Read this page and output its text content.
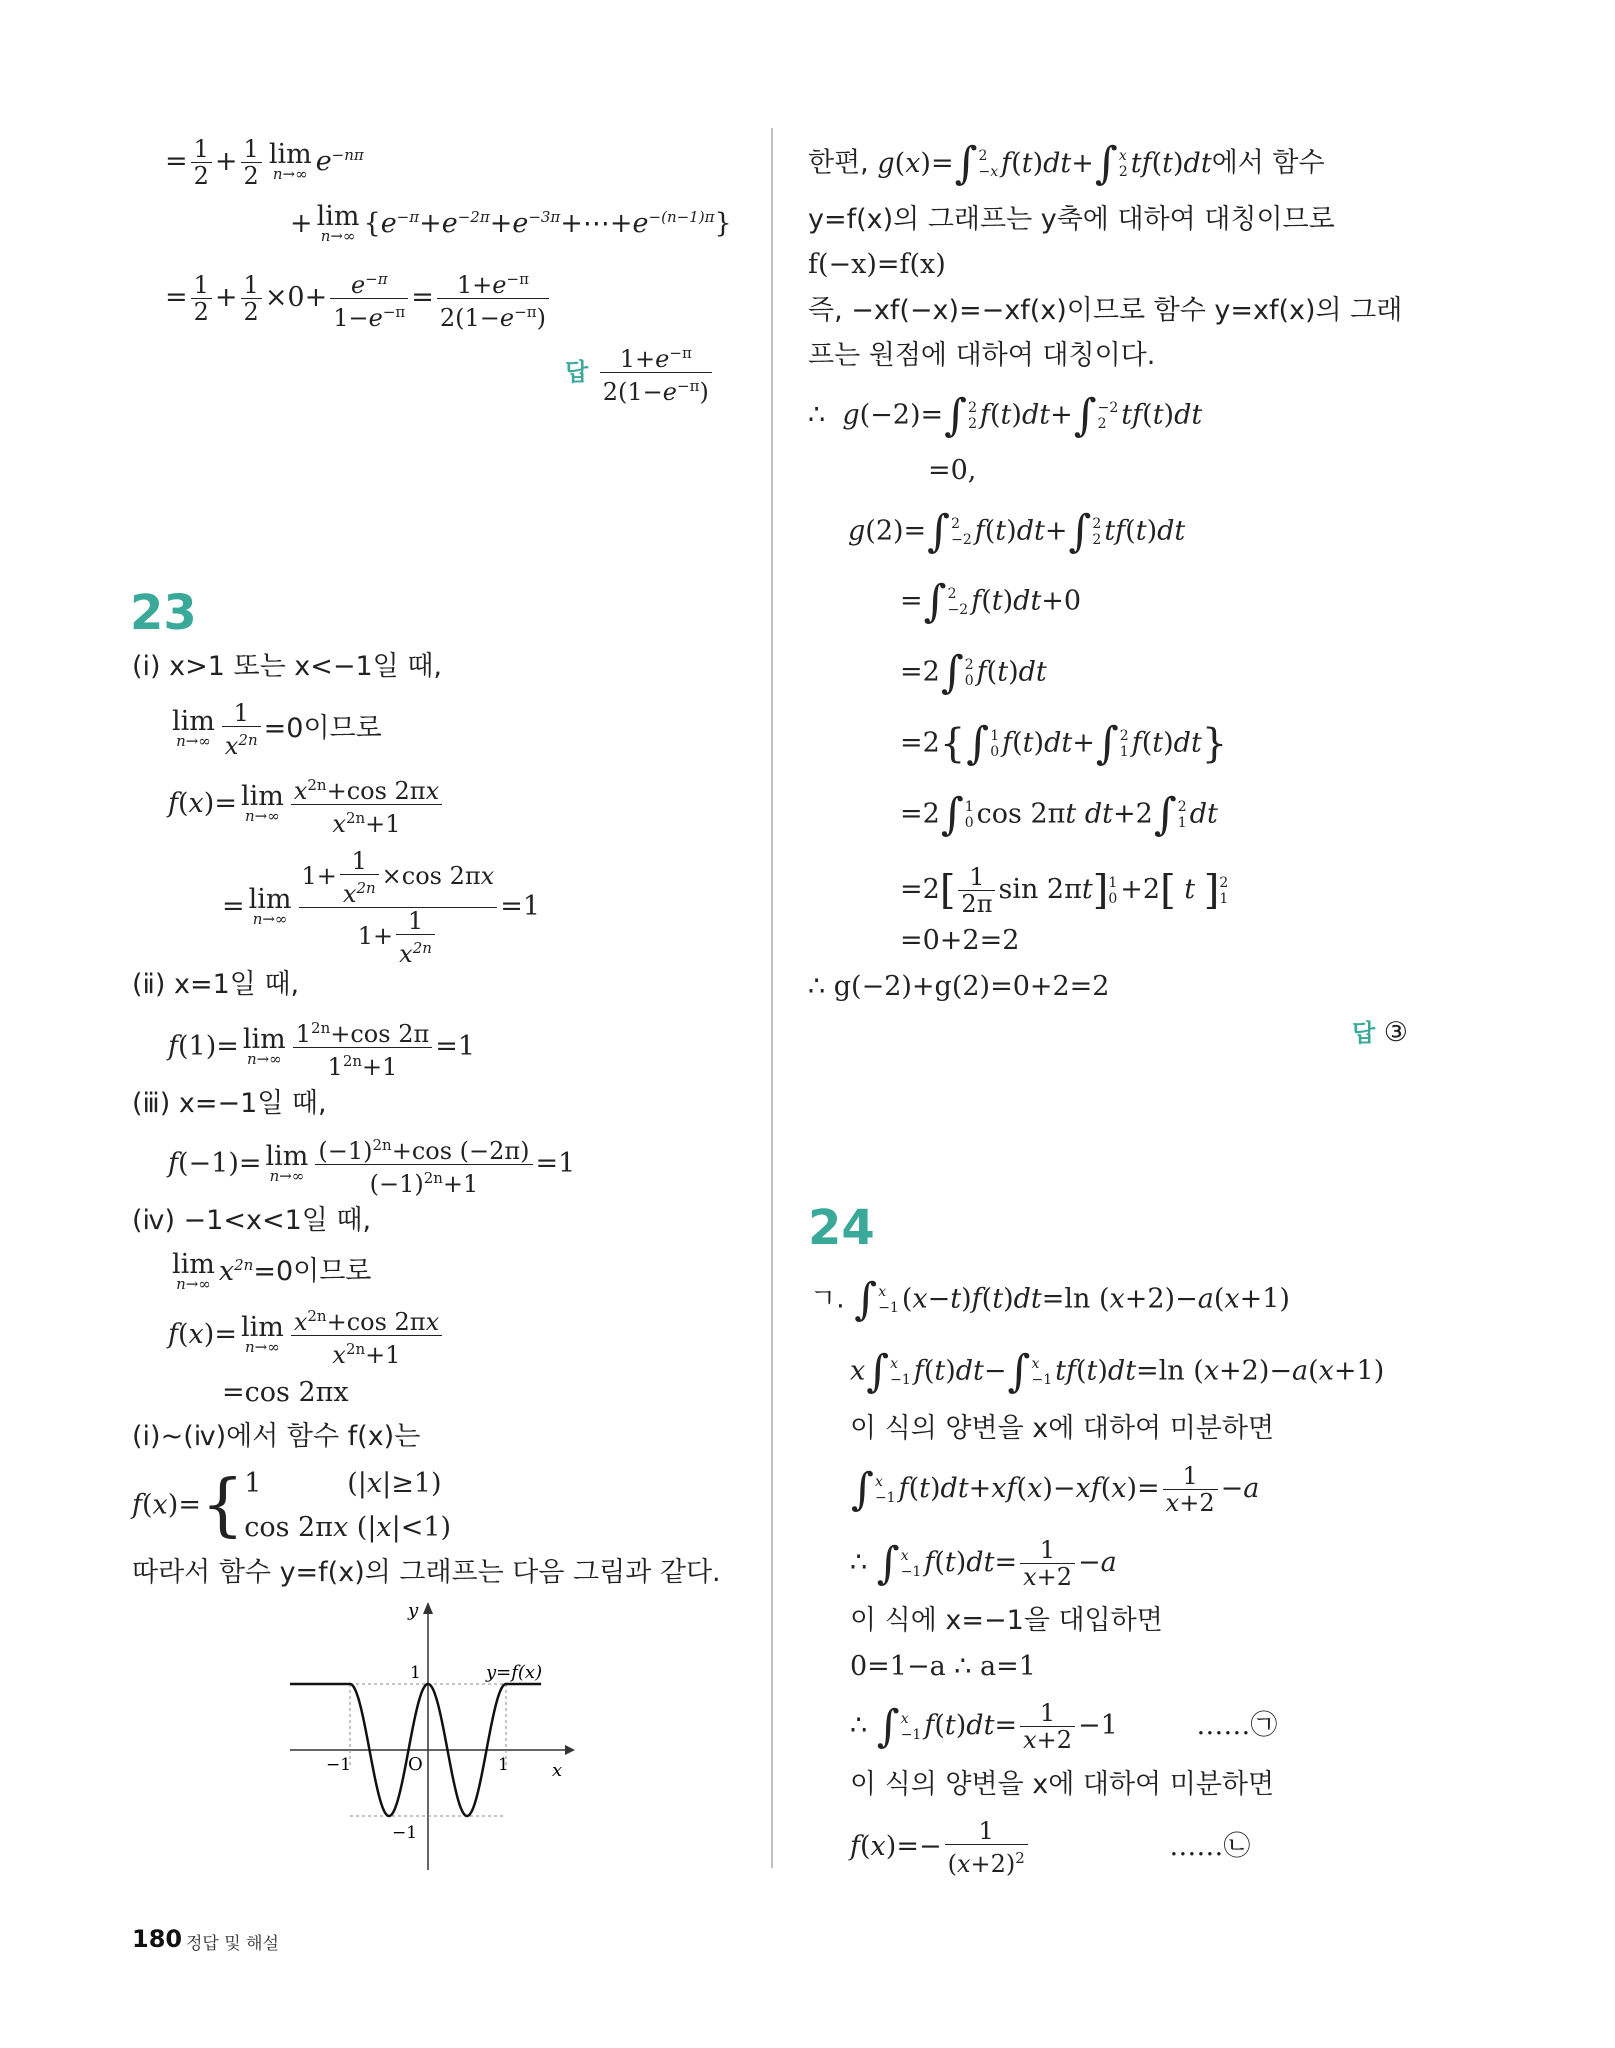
= $\frac{1}{2} + \frac{1}{2}$ lim
n→∞ $e^{-n\pi}$
+ lim
n→∞ $\{e^{-\pi}+e^{-2\pi}+e^{-3\pi}+\cdots+e^{-(n-1)\pi}\}$
= $\frac{1}{2} + \frac{1}{2} \times 0+ \frac{e^{-\pi}}{1-e^{-\pi}} = \frac{1+e^{-\pi}}{2(1-e^{-\pi})}$
답 $\frac{1+e^{-\pi}}{2(1-e^{-\pi})}$
23
(ⅰ) x>1 또는 x<−1일 때,
lim
$n\to\infty \frac{1}{x^{2n}} =0$이므로
f(x)= lim
$n\to\infty \frac{x^{2n}+\cos 2\pi x}{x^{2n}+1}$
= lim
$n\to\infty \frac{1+ \frac{1}{x^{2n}} \times\cos 2\pi x}{1+ \frac{1}{x^{2n}}} =1$
(ⅱ) x=1일 때,
f(1)= lim
$n\to\infty \frac{1^{2n}+\cos 2\pi}{1^{2n}+1} =1$
(ⅲ) x=−1일 때,
f(−1)= lim
$n\to\infty \frac{(-1)^{2n}+\cos (-2\pi)}{(-1)^{2n}+1} =1$
(ⅳ) −1<x<1일 때,
lim
n→∞ $x^{2n}=0$이므로
f(x)= lim
$n\to\infty \frac{x^{2n}+\cos 2\pi x}{x^{2n}+1}$
=cos 2πx
(ⅰ)~(ⅳ)에서 함수 f(x)는
f(x)={ 1          (|x|≥1)
cos 2πx (|x|<1)
따라서 함수 y=f(x)의 그래프는 다음 그림과 같다.
y
x
y=f(x)
O
−1	1
1
−1
한편, g(x)=∫ 2
−x f(t)dt+∫ x
2 tf(t)dt에서 함수
y=f(x)의 그래프는 y축에 대하여 대칭이므로
f(−x)=f(x)
즉, −xf(−x)=−xf(x)이므로 함수 y=xf(x)의 그래
프는 원점에 대하여 대칭이다.
∴  g(−2)=∫ 2
2 f(t)dt+∫ −2
2 tf(t)dt
=0,
g(2)=∫ 2
−2 f(t)dt+∫ 2
2 tf(t)dt
=∫ 2
−2 f(t)dt+0
=2∫ 2
0 f(t)dt
=2{∫ 1
0 f(t)dt+∫ 2
1 f(t)dt}
=2∫ 1
0 cos 2πt dt+2∫ 2
1 dt
$=2[ \frac{1}{2\pi}$ sin 2πt] 1
0 +2[ t ] 2
1
=0+2=2
∴ g(−2)+g(2)=0+2=2
답 ③
24
ㄱ. ∫ x
−1 (x−t)f(t)dt=ln (x+2)−a(x+1)
x∫ x
−1 f(t)dt−∫ x
−1 tf(t)dt=ln (x+2)−a(x+1)
이 식의 양변을 x에 대하여 미분하면
∫ x
−1 $f(t)dt+xf(x)-xf(x)= \frac{1}{x+2} -a$
∴ ∫ x
−1 $f(t)dt= \frac{1}{x+2} -a$
이 식에 x=−1을 대입하면
0=1−a ∴ a=1
∴ ∫ x
−1 $f(t)dt= \frac{1}{x+2} -1$	……㉠
이 식의 양변을 x에 대하여 미분하면
$f(x)=- \frac{1}{(x+2)^2}$	……㉡
180 정답 및 해설
